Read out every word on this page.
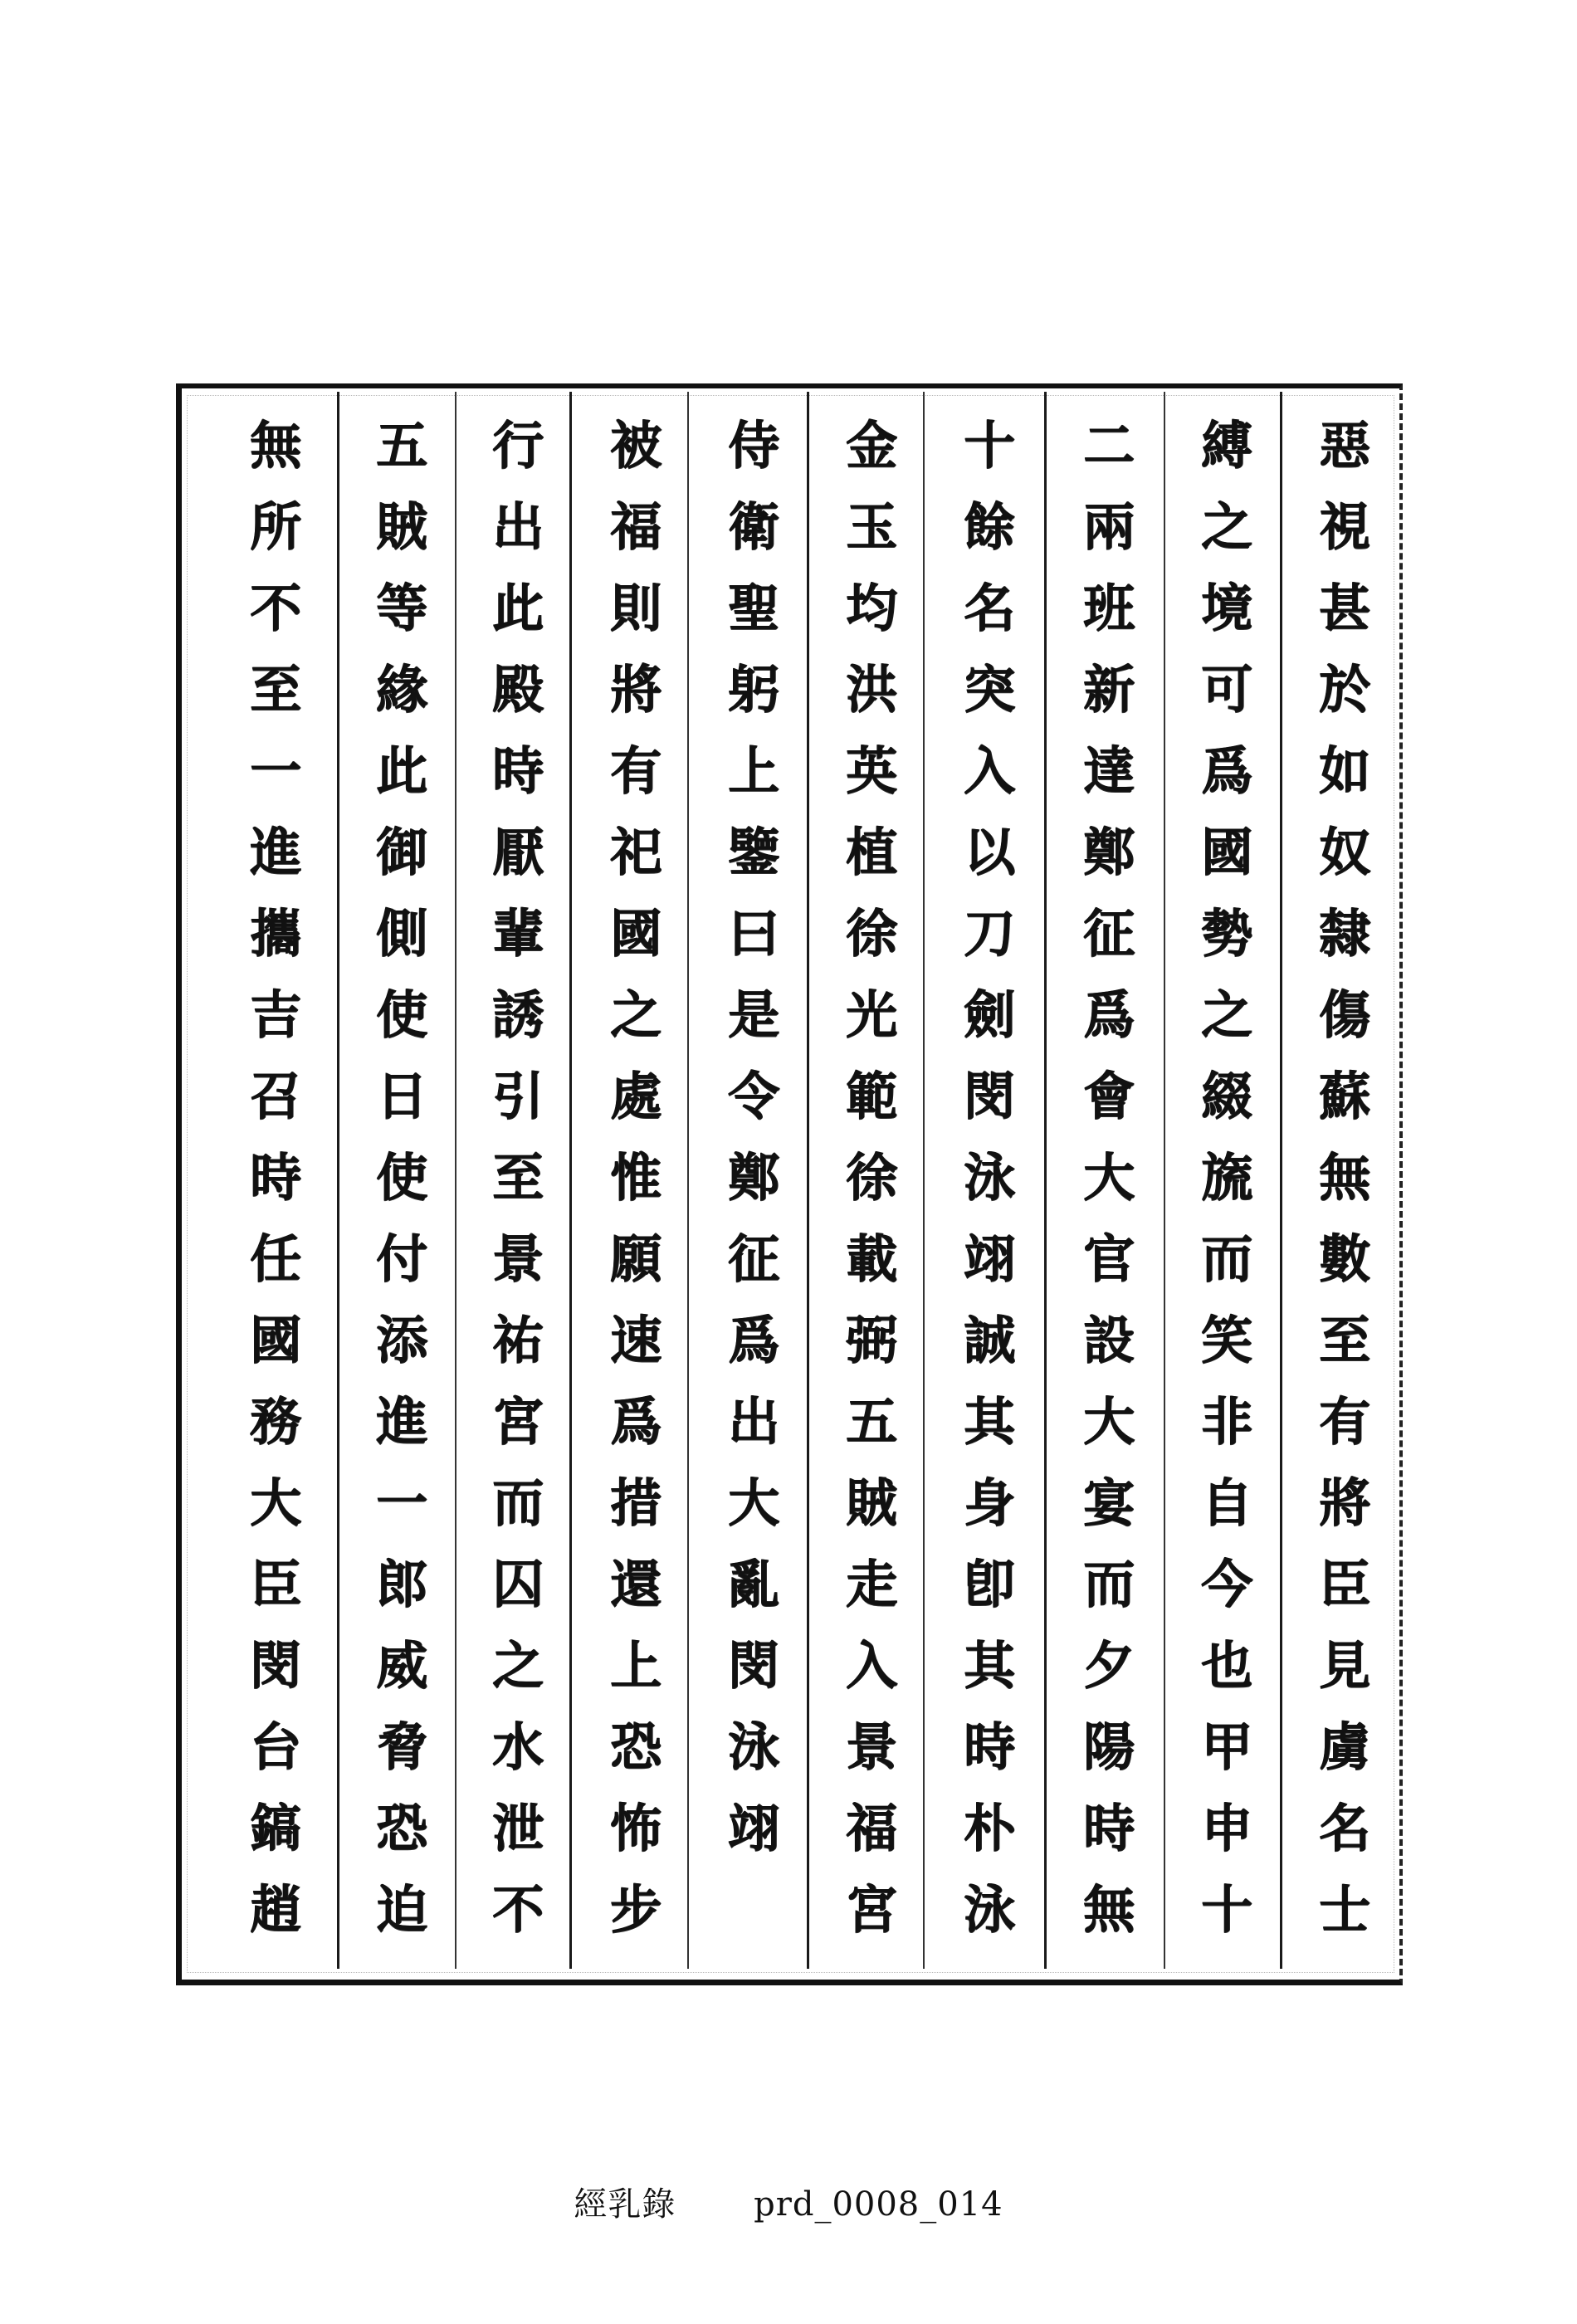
惡
視
甚
於
如
奴
隸
傷
蘇
無
數
至
有
將
臣
見
虜
名
士
縛
之
境
可
爲
國
勢
之
綴
旒
而
笑
非
自
今
也
甲
申
十
二
兩
班
新
達
鄭
征
爲
會
大
官
設
大
宴
而
夕
陽
時
無
十
餘
名
突
入
以
刀
劍
閔
泳
翊
誠
其
身
卽
其
時
朴
泳
金
玉
均
洪
英
植
徐
光
範
徐
載
弼
五
賊
走
入
景
福
宮
侍
衛
聖
躬
上
鑒
曰
是
令
鄭
征
爲
出
大
亂
閔
泳
翊
被
福
則
將
有
祀
國
之
處
惟
願
速
爲
措
還
上
恐
怖
步
行
出
此
殿
時
厭
輩
誘
引
至
景
祐
宮
而
囚
之
水
泄
不
五
賊
等
緣
此
御
側
使
日
使
付
添
進
一
郎
威
脅
恐
迫
無
所
不
至
一
進
攜
吉
召
時
任
國
務
大
臣
閔
台
鎬
趙
經乳錄 prd_0008_014
